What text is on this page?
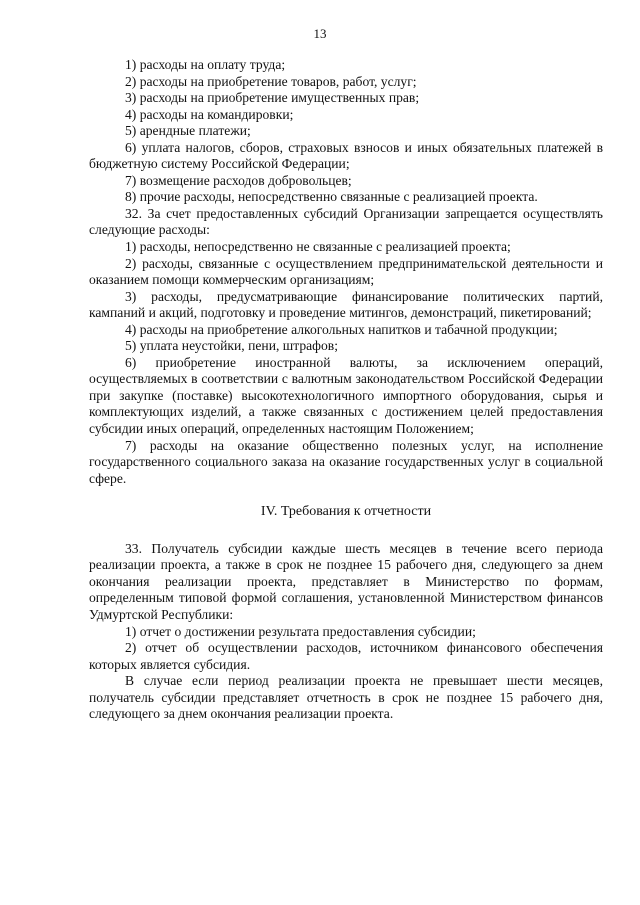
13

1) расходы на оплату труда;

2) расходы на приобретение товаров, работ, услуг;

3) расходы на приобретение имущественных прав;

4) расходы на командировки;

5) арендные платежи;

6) уплата налогов, сборов, страховых взносов и иных обязательных платежей в бюджетную систему Российской Федерации;

7) возмещение расходов добровольцев;

8) прочие расходы, непосредственно связанные с реализацией проекта.

32. За счет предоставленных субсидий Организации запрещается осуществлять следующие расходы:

1) расходы, непосредственно не связанные с реализацией проекта;

2) расходы, связанные с осуществлением предпринимательской деятельности и оказанием помощи коммерческим организациям;

3) расходы, предусматривающие финансирование политических партий, кампаний и акций, подготовку и проведение митингов, демонстраций, пикетирований;

4) расходы на приобретение алкогольных напитков и табачной продукции;

5) уплата неустойки, пени, штрафов;

6) приобретение иностранной валюты, за исключением операций, осуществляемых в соответствии с валютным законодательством Российской Федерации при закупке (поставке) высокотехнологичного импортного оборудования, сырья и комплектующих изделий, а также связанных с достижением целей предоставления субсидии иных операций, определенных настоящим Положением;

7) расходы на оказание общественно полезных услуг, на исполнение государственного социального заказа на оказание государственных услуг в социальной сфере.

IV. Требования к отчетности

33. Получатель субсидии каждые шесть месяцев в течение всего периода реализации проекта, а также в срок не позднее 15 рабочего дня, следующего за днем окончания реализации проекта, представляет в Министерство по формам, определенным типовой формой соглашения, установленной Министерством финансов Удмуртской Республики:

1) отчет о достижении результата предоставления субсидии;

2) отчет об осуществлении расходов, источником финансового обеспечения которых является субсидия.

В случае если период реализации проекта не превышает шести месяцев, получатель субсидии представляет отчетность в срок не позднее 15 рабочего дня, следующего за днем окончания реализации проекта.
